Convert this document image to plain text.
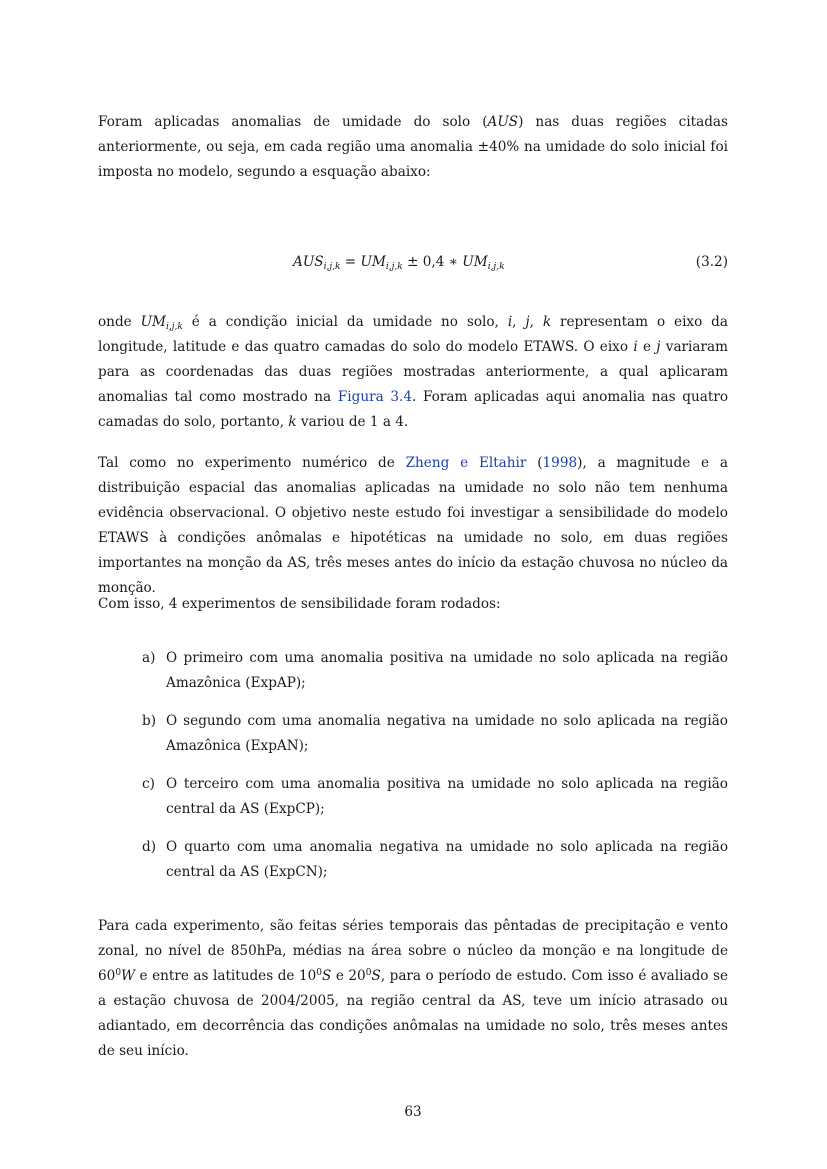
Foram aplicadas anomalias de umidade do solo (AUS) nas duas regiões citadas anteriormente, ou seja, em cada região uma anomalia ±40% na umidade do solo inicial foi imposta no modelo, segundo a esquação abaixo:

$AUS_{i,j,k} = UM_{i,j,k} \pm 0,4$ ∗ $UM_{i,j,k}$	(3.2)

onde $UM_{i,j,k}$ é a condição inicial da umidade no solo, i, j, k representam o eixo da longitude, latitude e das quatro camadas do solo do modelo ETAWS. O eixo i e j variaram para as coordenadas das duas regiões mostradas anteriormente, a qual aplicaram anomalias tal como mostrado na Figura 3.4. Foram aplicadas aqui anomalia nas quatro camadas do solo, portanto, k variou de 1 a 4.

Tal como no experimento numérico de Zheng e Eltahir (1998), a magnitude e a distribuição espacial das anomalias aplicadas na umidade no solo não tem nenhuma evidência observacional. O objetivo neste estudo foi investigar a sensibilidade do modelo ETAWS à condições anômalas e hipotéticas na umidade no solo, em duas regiões importantes na monção da AS, três meses antes do início da estação chuvosa no núcleo da monção.

Com isso, 4 experimentos de sensibilidade foram rodados:

a) O primeiro com uma anomalia positiva na umidade no solo aplicada na região Amazônica (ExpAP);
b) O segundo com uma anomalia negativa na umidade no solo aplicada na região Amazônica (ExpAN);
c) O terceiro com uma anomalia positiva na umidade no solo aplicada na região central da AS (ExpCP);
d) O quarto com uma anomalia negativa na umidade no solo aplicada na região central da AS (ExpCN);

Para cada experimento, são feitas séries temporais das pêntadas de precipitação e vento zonal, no nível de 850hPa, médias na área sobre o núcleo da monção e na longitude de $60^0W$ e entre as latitudes de $10^0S$ e $20^0S$, para o período de estudo. Com isso é avaliado se a estação chuvosa de 2004/2005, na região central da AS, teve um início atrasado ou adiantado, em decorrência das condições anômalas na umidade no solo, três meses antes de seu início.

63
